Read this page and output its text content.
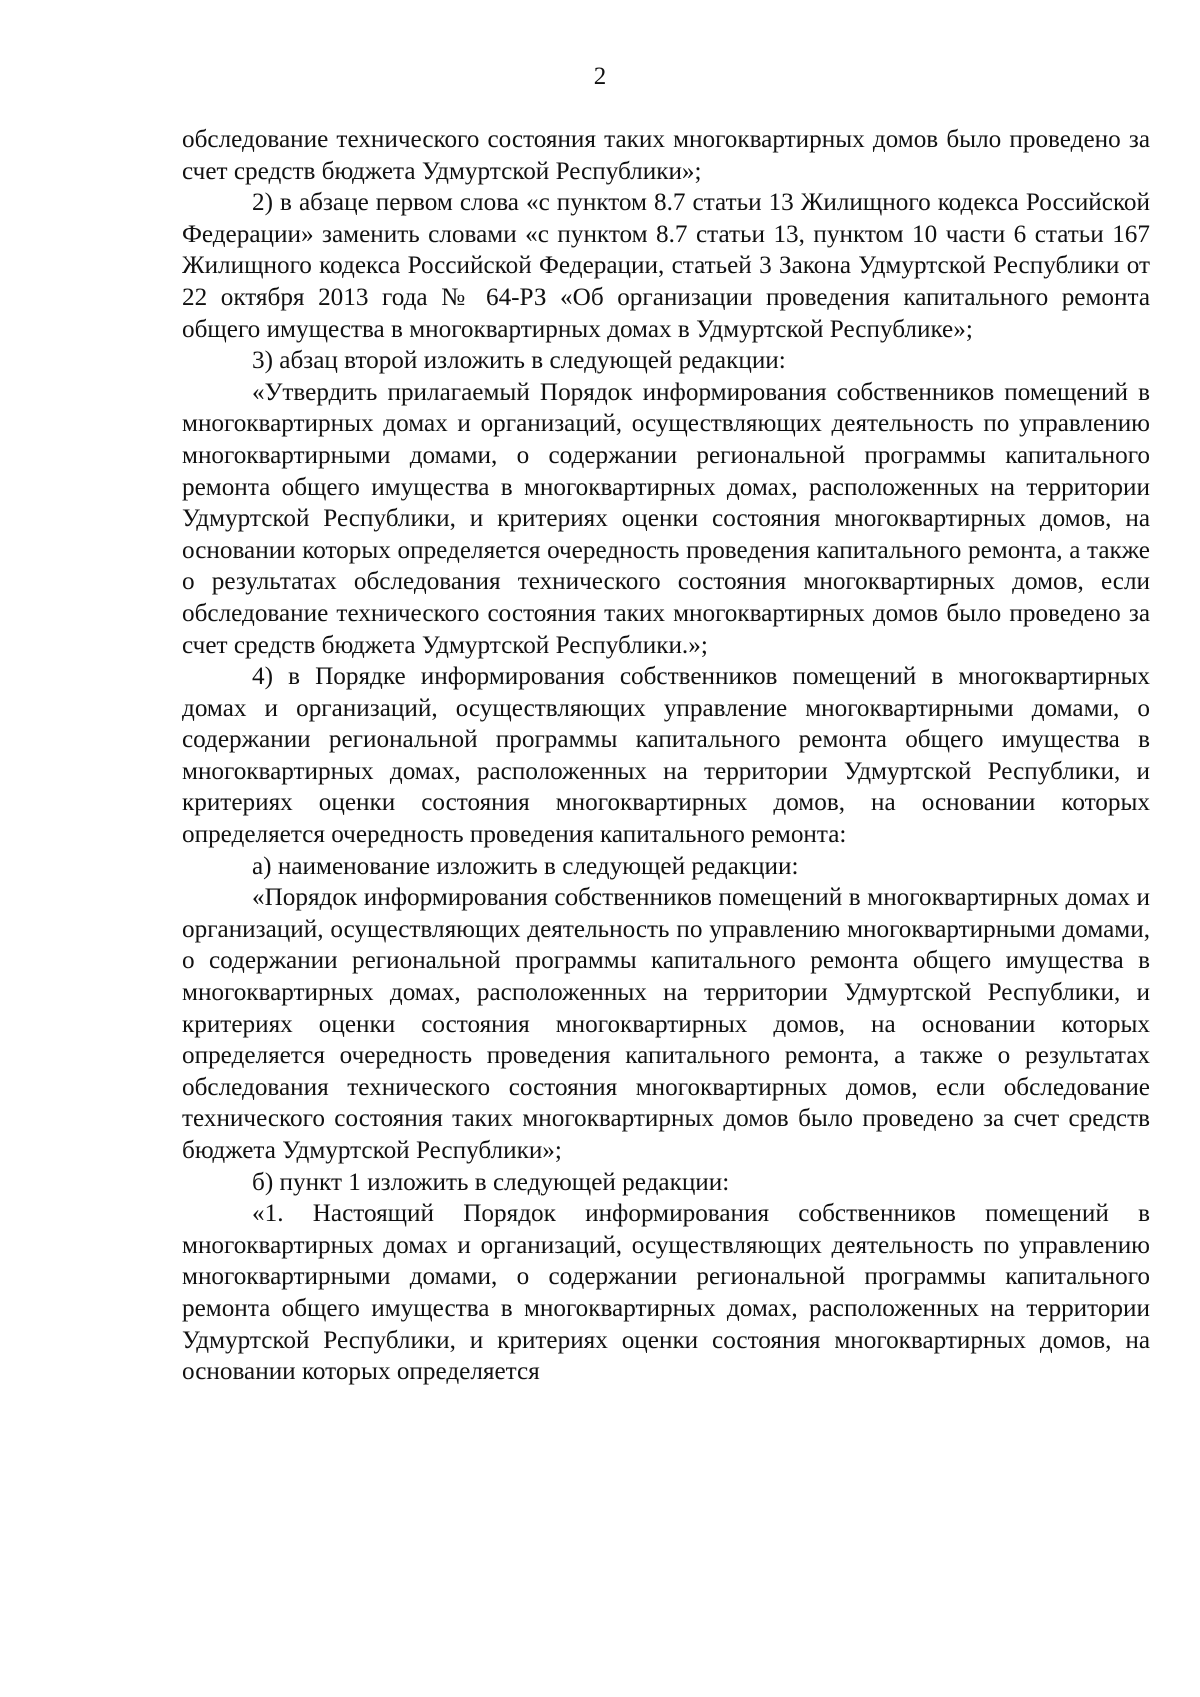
2

обследование технического состояния таких многоквартирных домов было проведено за счет средств бюджета Удмуртской Республики»;

2) в абзаце первом слова «с пунктом 8.7 статьи 13 Жилищного кодекса Российской Федерации» заменить словами «с пунктом 8.7 статьи 13, пунктом 10 части 6 статьи 167 Жилищного кодекса Российской Федерации, статьей 3 Закона Удмуртской Республики от 22 октября 2013 года № 64-РЗ «Об организации проведения капитального ремонта общего имущества в многоквартирных домах в Удмуртской Республике»;

3) абзац второй изложить в следующей редакции:

«Утвердить прилагаемый Порядок информирования собственников помещений в многоквартирных домах и организаций, осуществляющих деятельность по управлению многоквартирными домами, о содержании региональной программы капитального ремонта общего имущества в многоквартирных домах, расположенных на территории Удмуртской Республики, и критериях оценки состояния многоквартирных домов, на основании которых определяется очередность проведения капитального ремонта, а также о результатах обследования технического состояния многоквартирных домов, если обследование технического состояния таких многоквартирных домов было проведено за счет средств бюджета Удмуртской Республики.»;

4) в Порядке информирования собственников помещений в многоквартирных домах и организаций, осуществляющих управление многоквартирными домами, о содержании региональной программы капитального ремонта общего имущества в многоквартирных домах, расположенных на территории Удмуртской Республики, и критериях оценки состояния многоквартирных домов, на основании которых определяется очередность проведения капитального ремонта:

а) наименование изложить в следующей редакции:

«Порядок информирования собственников помещений в многоквартирных домах и организаций, осуществляющих деятельность по управлению многоквартирными домами, о содержании региональной программы капитального ремонта общего имущества в многоквартирных домах, расположенных на территории Удмуртской Республики, и критериях оценки состояния многоквартирных домов, на основании которых определяется очередность проведения капитального ремонта, а также о результатах обследования технического состояния многоквартирных домов, если обследование технического состояния таких многоквартирных домов было проведено за счет средств бюджета Удмуртской Республики»;

б) пункт 1 изложить в следующей редакции:

«1. Настоящий Порядок информирования собственников помещений в многоквартирных домах и организаций, осуществляющих деятельность по управлению многоквартирными домами, о содержании региональной программы капитального ремонта общего имущества в многоквартирных домах, расположенных на территории Удмуртской Республики, и критериях оценки состояния многоквартирных домов, на основании которых определяется
